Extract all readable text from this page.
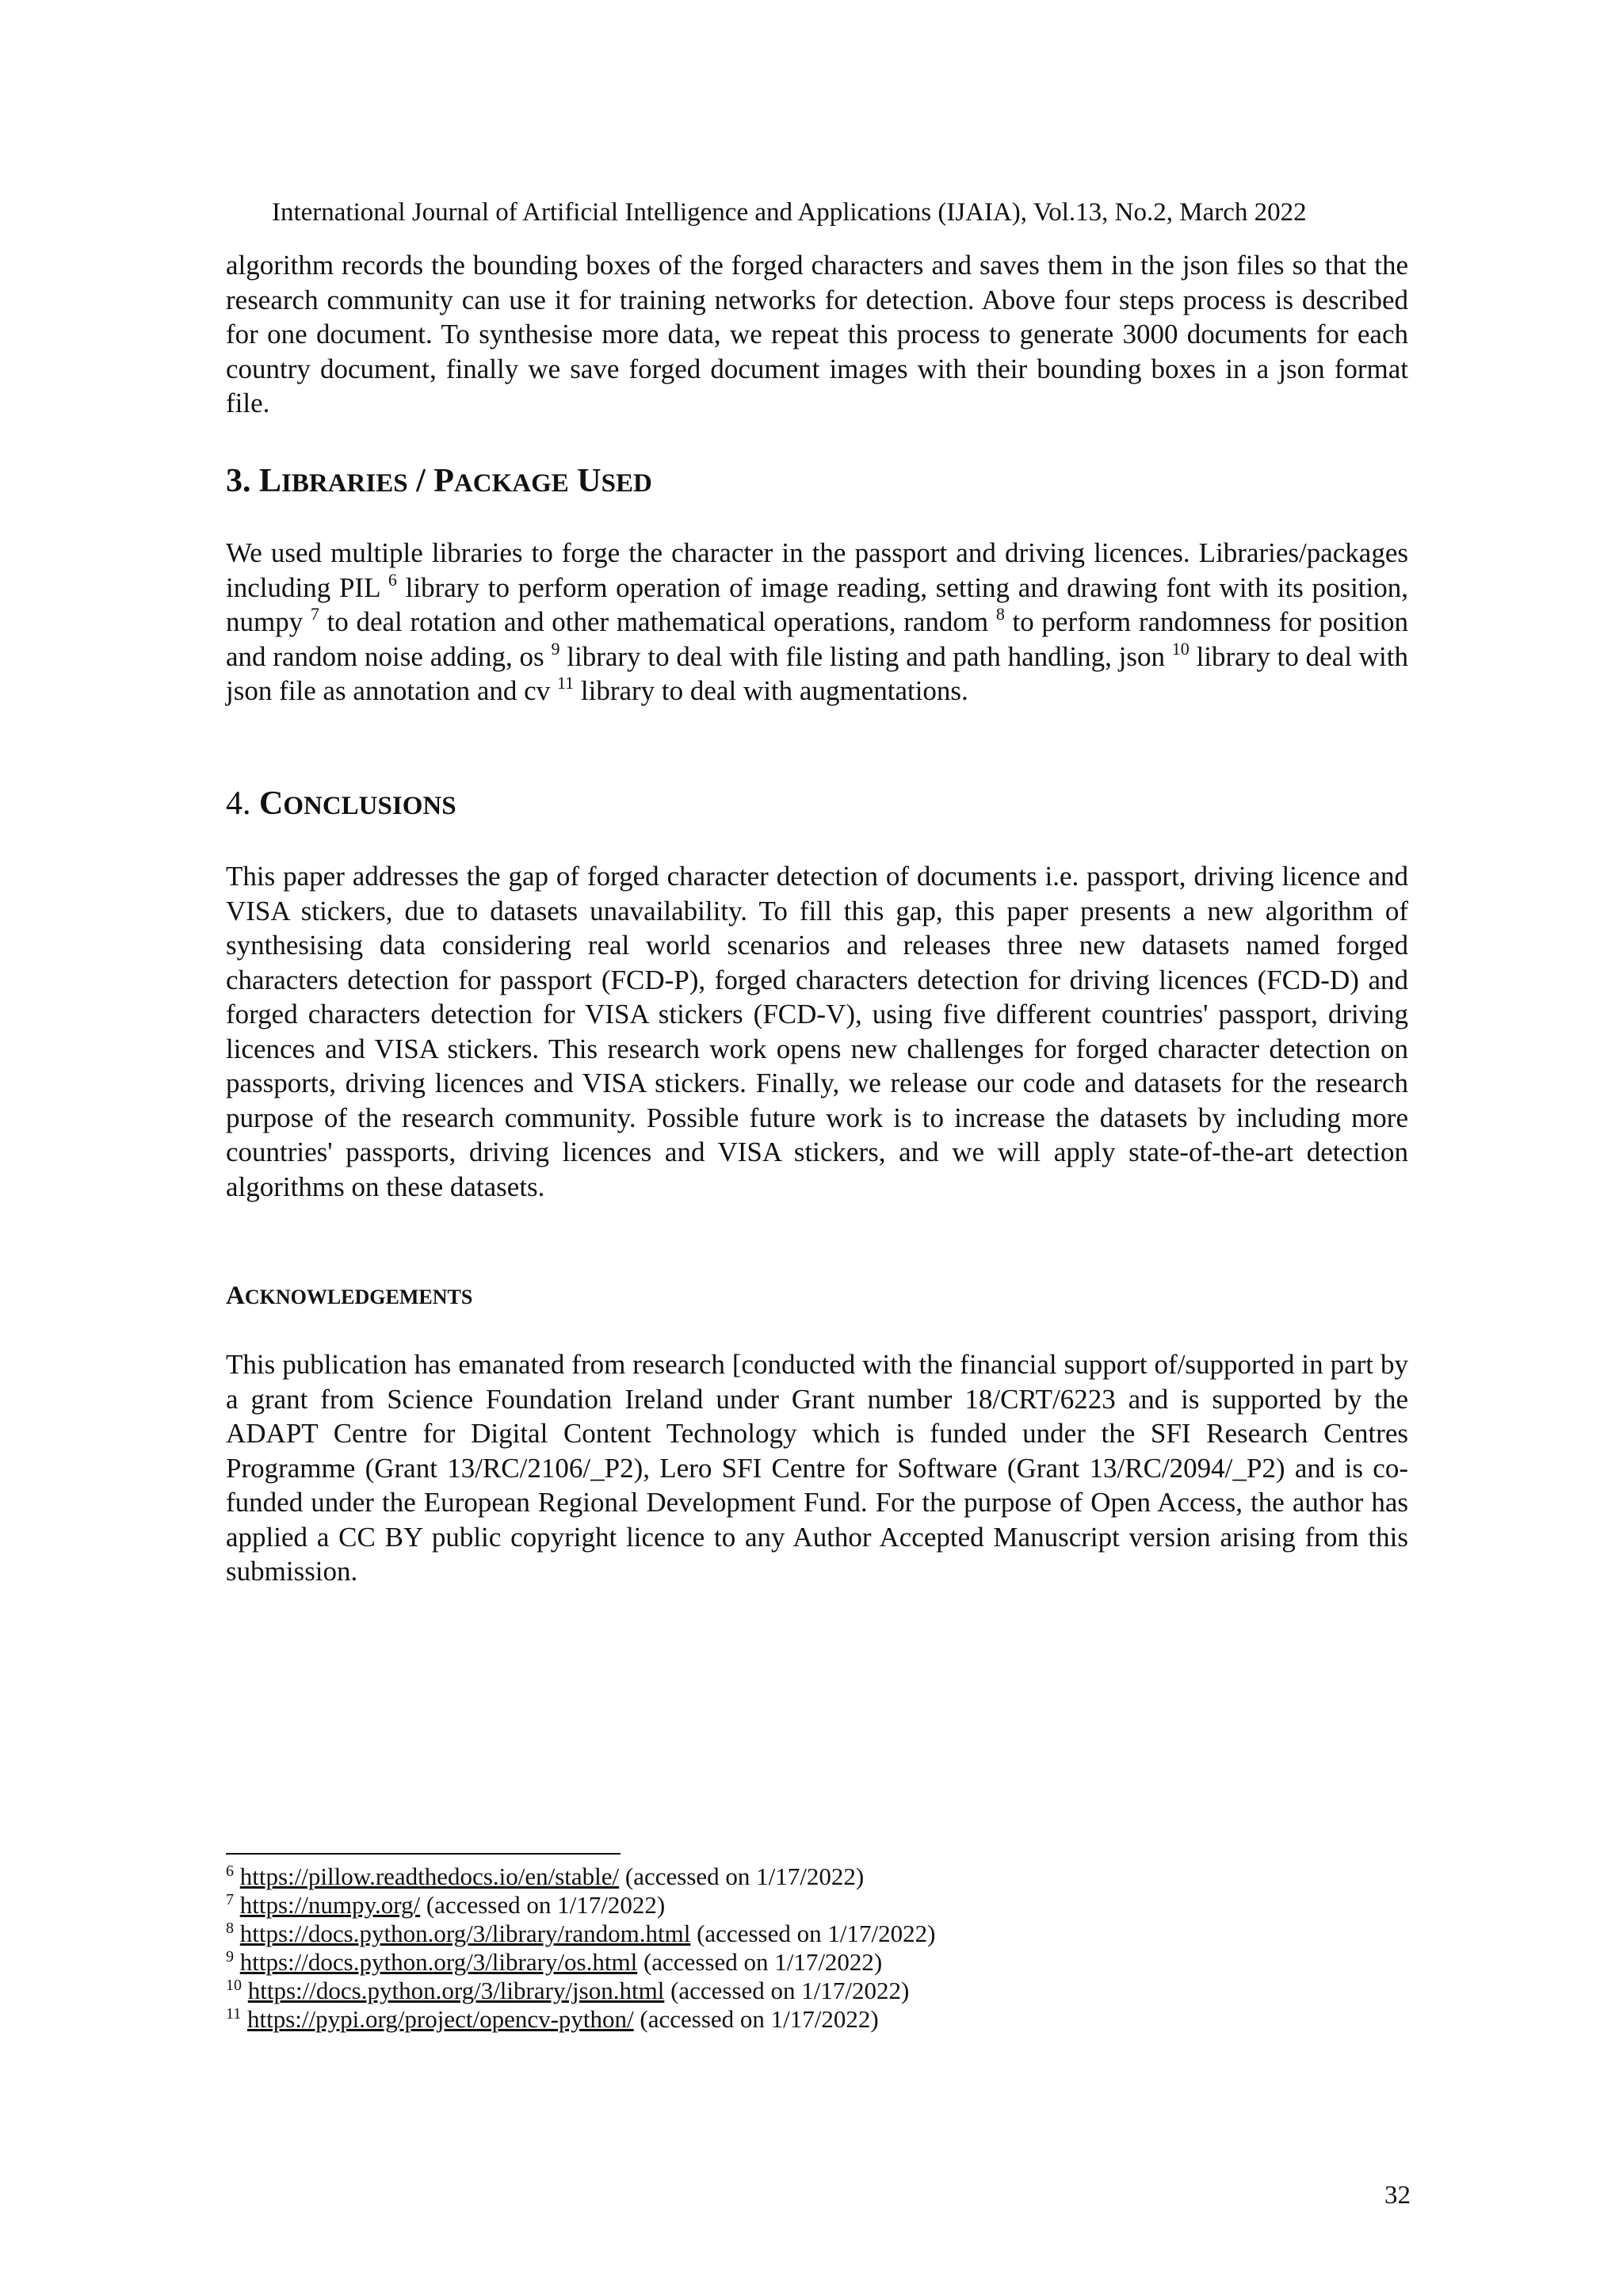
International Journal of Artificial Intelligence and Applications (IJAIA), Vol.13, No.2, March 2022

algorithm records the bounding boxes of the forged characters and saves them in the json files so that the research community can use it for training networks for detection. Above four steps process is described for one document. To synthesise more data, we repeat this process to generate 3000 documents for each country document, finally we save forged document images with their bounding boxes in a json format file.

3. LIBRARIES / PACKAGE USED

We used multiple libraries to forge the character in the passport and driving licences. Libraries/packages including PIL $^6$ library to perform operation of image reading, setting and drawing font with its position, numpy $^7$ to deal rotation and other mathematical operations, random $^8$ to perform randomness for position and random noise adding, os $^9$ library to deal with file listing and path handling, json $^{10}$ library to deal with json file as annotation and cv $^{11}$ library to deal with augmentations.

4. CONCLUSIONS

This paper addresses the gap of forged character detection of documents i.e. passport, driving licence and VISA stickers, due to datasets unavailability. To fill this gap, this paper presents a new algorithm of synthesising data considering real world scenarios and releases three new datasets named forged characters detection for passport (FCD-P), forged characters detection for driving licences (FCD-D) and forged characters detection for VISA stickers (FCD-V), using five different countries' passport, driving licences and VISA stickers. This research work opens new challenges for forged character detection on passports, driving licences and VISA stickers. Finally, we release our code and datasets for the research purpose of the research community. Possible future work is to increase the datasets by including more countries' passports, driving licences and VISA stickers, and we will apply state-of-the-art detection algorithms on these datasets.

ACKNOWLEDGEMENTS

This publication has emanated from research [conducted with the financial support of/supported in part by a grant from Science Foundation Ireland under Grant number 18/CRT/6223 and is supported by the ADAPT Centre for Digital Content Technology which is funded under the SFI Research Centres Programme (Grant 13/RC/2106/_P2), Lero SFI Centre for Software (Grant 13/RC/2094/_P2) and is co-funded under the European Regional Development Fund. For the purpose of Open Access, the author has applied a CC BY public copyright licence to any Author Accepted Manuscript version arising from this submission.

$^6$ https://pillow.readthedocs.io/en/stable/ (accessed on 1/17/2022)
$^7$ https://numpy.org/ (accessed on 1/17/2022)
$^8$ https://docs.python.org/3/library/random.html (accessed on 1/17/2022)
$^9$ https://docs.python.org/3/library/os.html (accessed on 1/17/2022)
$^{10}$ https://docs.python.org/3/library/json.html (accessed on 1/17/2022)
$^{11}$ https://pypi.org/project/opencv-python/ (accessed on 1/17/2022)
32
